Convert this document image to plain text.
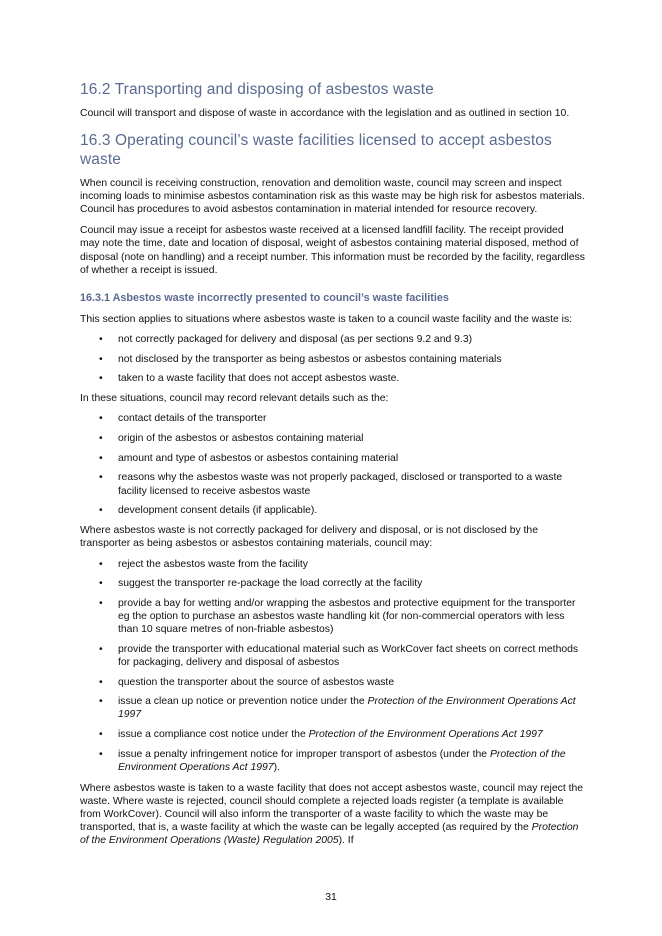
16.2 Transporting and disposing of asbestos waste

Council will transport and dispose of waste in accordance with the legislation and as outlined in section 10.

16.3 Operating council’s waste facilities licensed to accept asbestos waste

When council is receiving construction, renovation and demolition waste, council may screen and inspect incoming loads to minimise asbestos contamination risk as this waste may be high risk for asbestos materials. Council has procedures to avoid asbestos contamination in material intended for resource recovery.

Council may issue a receipt for asbestos waste received at a licensed landfill facility. The receipt provided may note the time, date and location of disposal, weight of asbestos containing material disposed, method of disposal (note on handling) and a receipt number. This information must be recorded by the facility, regardless of whether a receipt is issued.

16.3.1 Asbestos waste incorrectly presented to council’s waste facilities

This section applies to situations where asbestos waste is taken to a council waste facility and the waste is:

• not correctly packaged for delivery and disposal (as per sections 9.2 and 9.3)
• not disclosed by the transporter as being asbestos or asbestos containing materials
• taken to a waste facility that does not accept asbestos waste.

In these situations, council may record relevant details such as the:

• contact details of the transporter
• origin of the asbestos or asbestos containing material
• amount and type of asbestos or asbestos containing material
• reasons why the asbestos waste was not properly packaged, disclosed or transported to a waste facility licensed to receive asbestos waste
• development consent details (if applicable).

Where asbestos waste is not correctly packaged for delivery and disposal, or is not disclosed by the transporter as being asbestos or asbestos containing materials, council may:

• reject the asbestos waste from the facility
• suggest the transporter re-package the load correctly at the facility
• provide a bay for wetting and/or wrapping the asbestos and protective equipment for the transporter eg the option to purchase an asbestos waste handling kit (for non-commercial operators with less than 10 square metres of non-friable asbestos)
• provide the transporter with educational material such as WorkCover fact sheets on correct methods for packaging, delivery and disposal of asbestos
• question the transporter about the source of asbestos waste
• issue a clean up notice or prevention notice under the Protection of the Environment Operations Act 1997
• issue a compliance cost notice under the Protection of the Environment Operations Act 1997
• issue a penalty infringement notice for improper transport of asbestos (under the Protection of the Environment Operations Act 1997).

Where asbestos waste is taken to a waste facility that does not accept asbestos waste, council may reject the waste. Where waste is rejected, council should complete a rejected loads register (a template is available from WorkCover). Council will also inform the transporter of a waste facility to which the waste may be transported, that is, a waste facility at which the waste can be legally accepted (as required by the Protection of the Environment Operations (Waste) Regulation 2005). If

31
